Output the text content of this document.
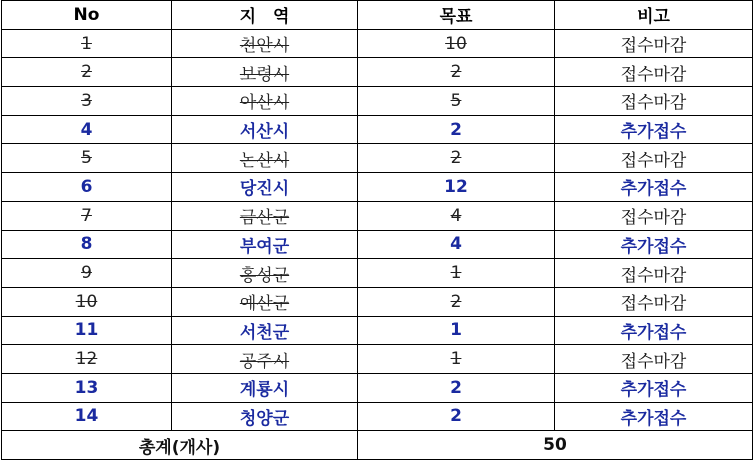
No	지　역	목표	비고
1	천안시	10	접수마감
2	보령시	2	접수마감
3	아산시	5	접수마감
4	서산시	2	추가접수
5	논산시	2	접수마감
6	당진시	12	추가접수
7	금산군	4	접수마감
8	부여군	4	추가접수
9	홍성군	1	접수마감
10	예산군	2	접수마감
11	서천군	1	추가접수
12	공주시	1	접수마감
13	계룡시	2	추가접수
14	청양군	2	추가접수
총계(개사)		50	
